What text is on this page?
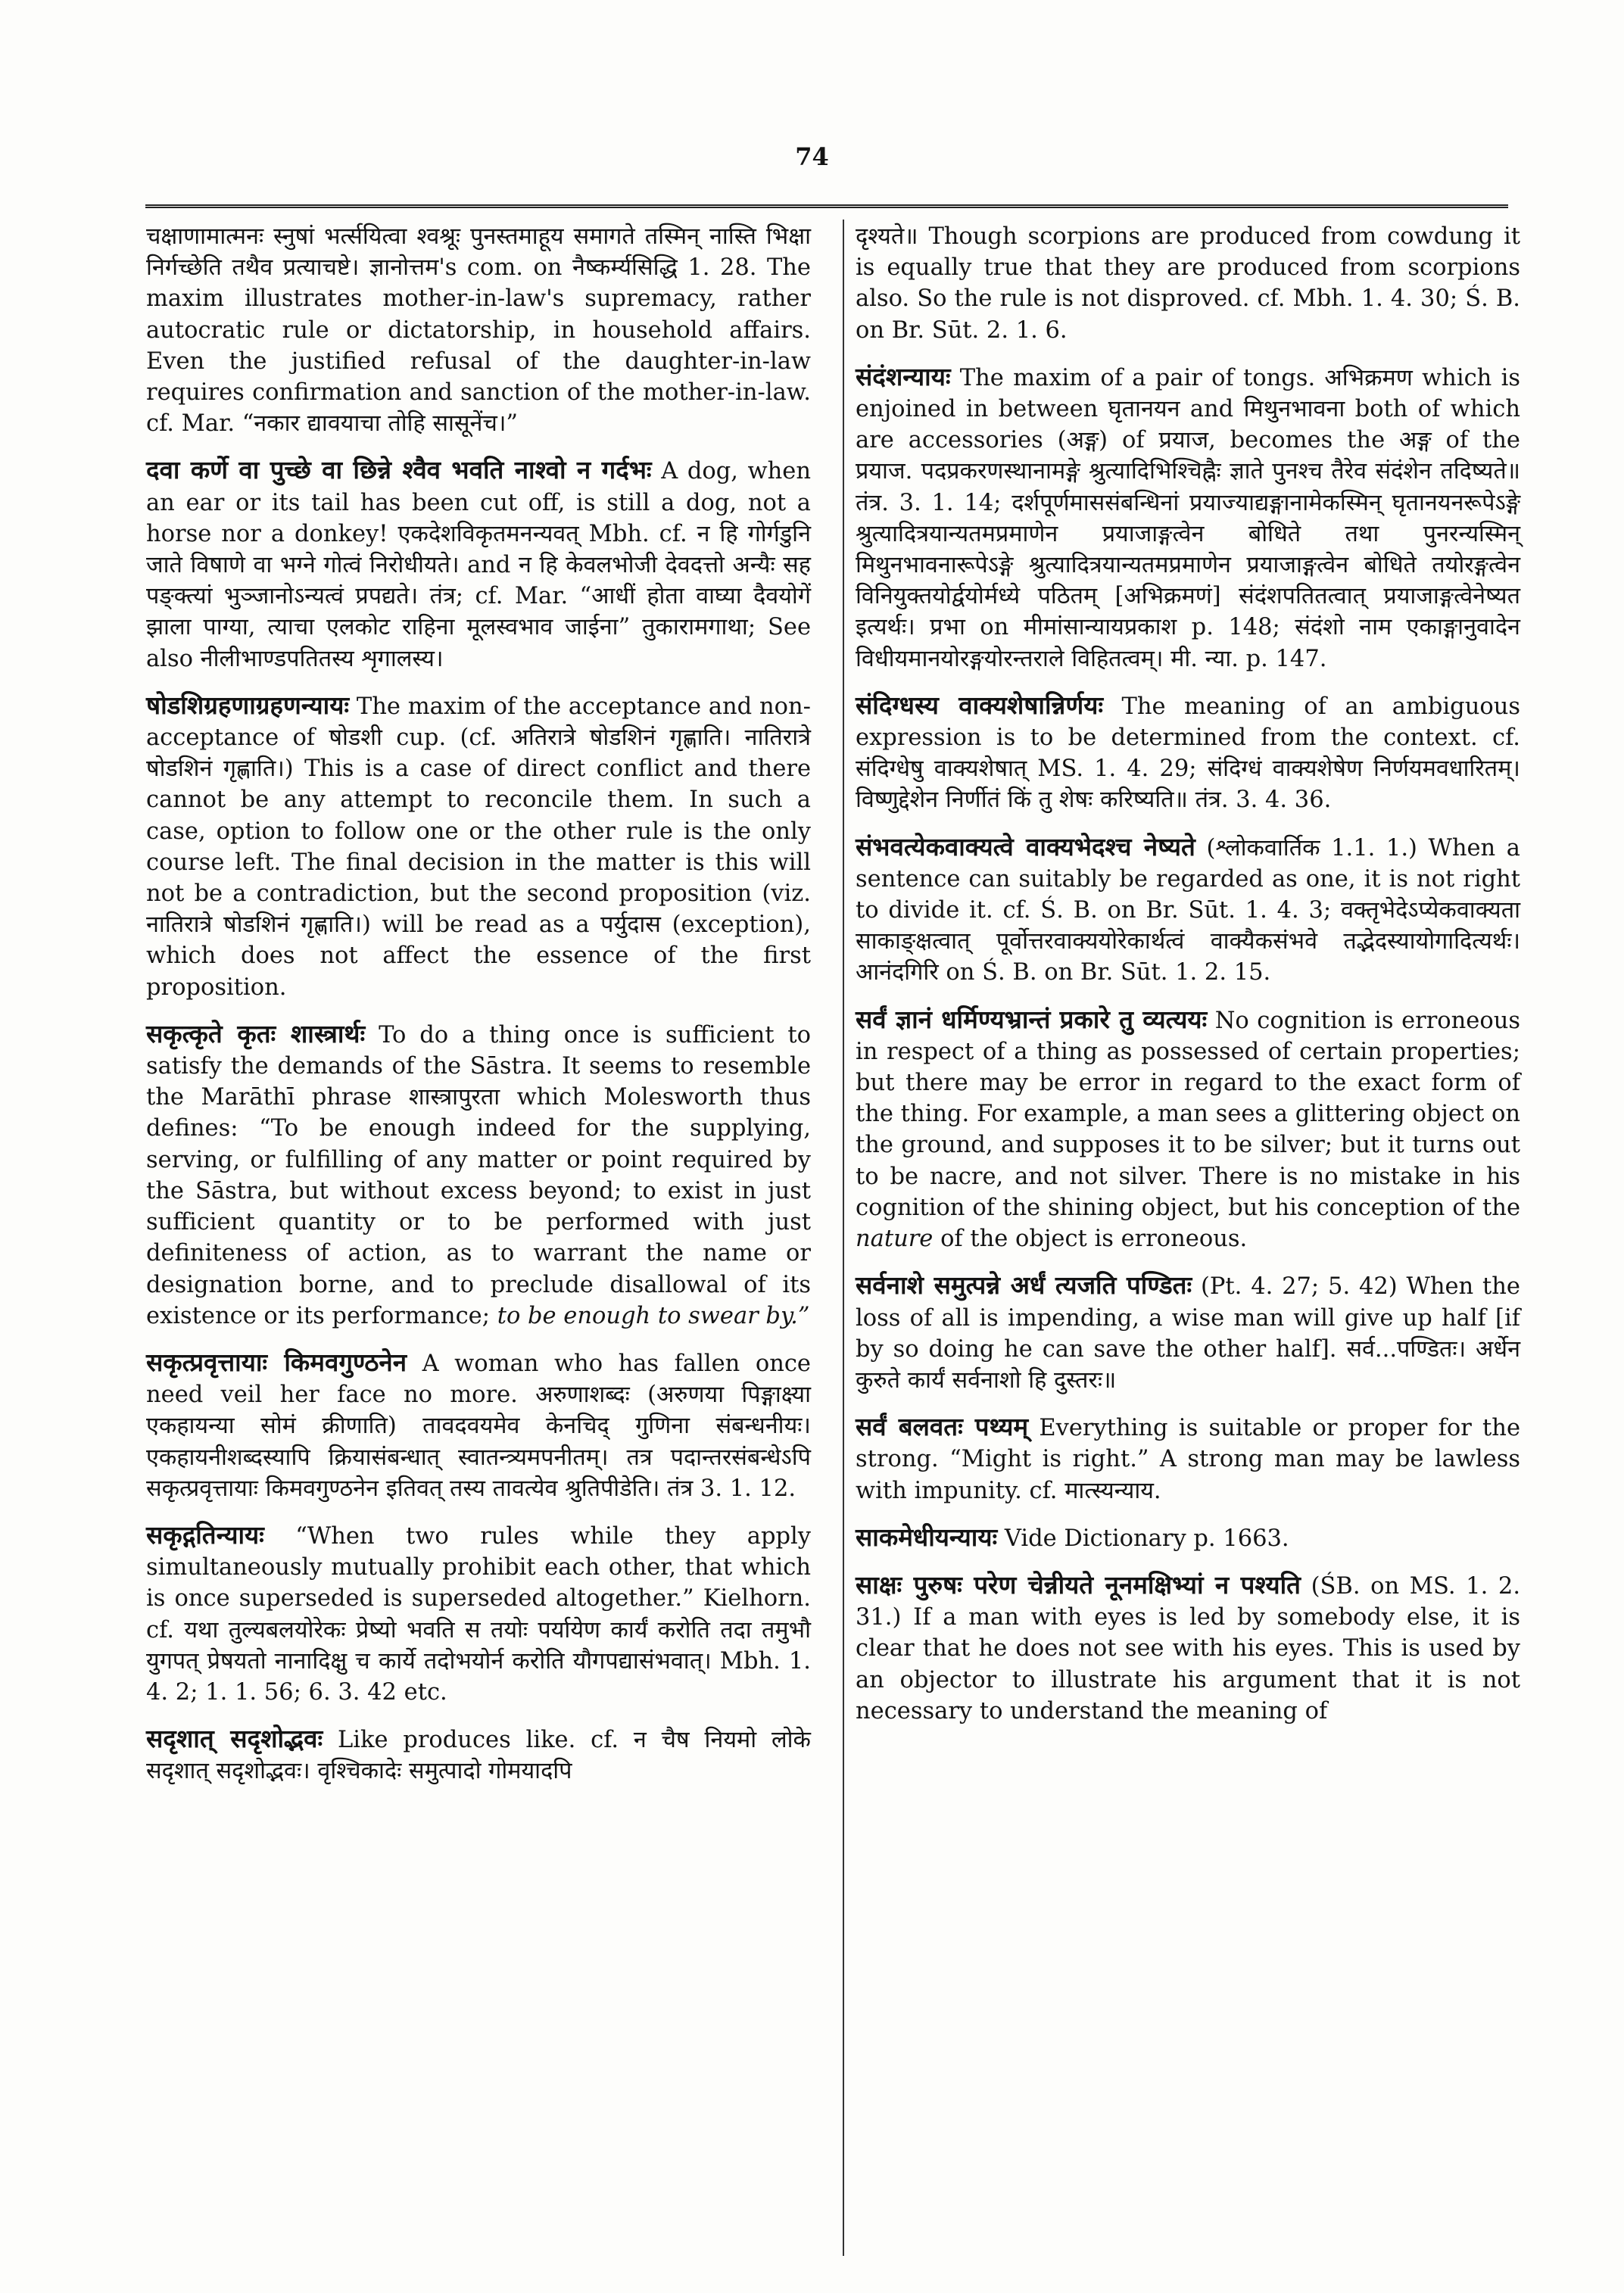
74

चक्षाणामात्मनः स्नुषां भर्त्सयित्वा श्वश्रूः पुनस्तमाहूय समागते तस्मिन् नास्ति भिक्षा निर्गच्छेति तथैव प्रत्याचष्टे। ज्ञानोत्तम's com. on नैष्कर्म्यसिद्धि 1. 28. The maxim illustrates mother-in-law's supremacy, rather autocratic rule or dictatorship, in household affairs. Even the justified refusal of the daughter-in-law requires confirmation and sanction of the mother-in-law. cf. Mar. “नकार द्यावयाचा तोहि सासूनेंच।”

दवा कर्णे वा पुच्छे वा छिन्ने श्वैव भवति नाश्वो न गर्दभः A dog, when an ear or its tail has been cut off, is still a dog, not a horse nor a donkey! एकदेशविकृतमनन्यवत् Mbh. cf. न हि गोर्गडुनि जाते विषाणे वा भग्ने गोत्वं निरोधीयते। and न हि केवलभोजी देवदत्तो अन्यैः सह पङ्क्त्यां भुञ्जानोऽन्यत्वं प्रपद्यते। तंत्र; cf. Mar. “आधीं होता वाघ्या दैवयोगें झाला पाग्या, त्याचा एलकोट राहिना मूलस्वभाव जाईना” तुकारामगाथा; See also नीलीभाण्डपतितस्य शृगालस्य।

षोडशिग्रहणाग्रहणन्यायः The maxim of the acceptance and non-acceptance of षोडशी cup. (cf. अतिरात्रे षोडशिनं गृह्णाति। नातिरात्रे षोडशिनं गृह्णाति।) This is a case of direct conflict and there cannot be any attempt to reconcile them. In such a case, option to follow one or the other rule is the only course left. The final decision in the matter is this will not be a contradiction, but the second proposition (viz. नातिरात्रे षोडशिनं गृह्णाति।) will be read as a पर्युदास (exception), which does not affect the essence of the first proposition.

सकृत्कृते कृतः शास्त्रार्थः To do a thing once is sufficient to satisfy the demands of the Sāstra. It seems to resemble the Marāthī phrase शास्त्रापुरता which Molesworth thus defines: “To be enough indeed for the supplying, serving, or fulfilling of any matter or point required by the Sāstra, but without excess beyond; to exist in just sufficient quantity or to be performed with just definiteness of action, as to warrant the name or designation borne, and to preclude disallowal of its existence or its performance; to be enough to swear by.”

सकृत्प्रवृत्तायाः किमवगुण्ठनेन A woman who has fallen once need veil her face no more. अरुणाशब्दः (अरुणया पिङ्गाक्ष्या एकहायन्या सोमं क्रीणाति) तावदवयमेव केनचिद् गुणिना संबन्धनीयः। एकहायनीशब्दस्यापि क्रियासंबन्धात् स्वातन्त्र्यमपनीतम्। तत्र पदान्तरसंबन्धेऽपि सकृत्प्रवृत्तायाः किमवगुण्ठनेन इतिवत् तस्य तावत्येव श्रुतिपीडेति। तंत्र 3. 1. 12.

सकृद्गतिन्यायः “When two rules while they apply simultaneously mutually prohibit each other, that which is once superseded is superseded altogether.” Kielhorn. cf. यथा तुल्यबलयोरेकः प्रेष्यो भवति स तयोः पर्यायेण कार्यं करोति तदा तमुभौ युगपत् प्रेषयतो नानादिक्षु च कार्ये तदोभयोर्न करोति यौगपद्यासंभवात्। Mbh. 1. 4. 2; 1. 1. 56; 6. 3. 42 etc.

सदृशात् सदृशोद्भवः Like produces like. cf. न चैष नियमो लोके सदृशात् सदृशोद्भवः। वृश्चिकादेः समुत्पादो गोमयादपि

दृश्यते॥ Though scorpions are produced from cowdung it is equally true that they are produced from scorpions also. So the rule is not disproved. cf. Mbh. 1. 4. 30; Ś. B. on Br. Sūt. 2. 1. 6.

संदंशन्यायः The maxim of a pair of tongs. अभिक्रमण which is enjoined in between घृतानयन and मिथुनभावना both of which are accessories (अङ्ग) of प्रयाज, becomes the अङ्ग of the प्रयाज. पदप्रकरणस्थानामङ्गे श्रुत्यादिभिश्चिह्नैः ज्ञाते पुनश्च तैरेव संदंशेन तदिष्यते॥ तंत्र. 3. 1. 14; दर्शपूर्णमाससंबन्धिनां प्रयाज्याद्यङ्गानामेकस्मिन् घृतानयनरूपेऽङ्गे श्रुत्यादित्रयान्यतमप्रमाणेन प्रयाजाङ्गत्वेन बोधिते तथा पुनरन्यस्मिन् मिथुनभावनारूपेऽङ्गे श्रुत्यादित्रयान्यतमप्रमाणेन प्रयाजाङ्गत्वेन बोधिते तयोरङ्गत्वेन विनियुक्तयोर्द्वयोर्मध्ये पठितम् [अभिक्रमणं] संदंशपतितत्वात् प्रयाजाङ्गत्वेनेष्यत इत्यर्थः। प्रभा on मीमांसान्यायप्रकाश p. 148; संदंशो नाम एकाङ्गानुवादेन विधीयमानयोरङ्गयोरन्तराले विहितत्वम्। मी. न्या. p. 147.

संदिग्धस्य वाक्यशेषान्निर्णयः The meaning of an ambiguous expression is to be determined from the context. cf. संदिग्धेषु वाक्यशेषात् MS. 1. 4. 29; संदिग्धं वाक्यशेषेण निर्णयमवधारितम्। विष्णुद्देशेन निर्णीतं किं तु शेषः करिष्यति॥ तंत्र. 3. 4. 36.

संभवत्येकवाक्यत्वे वाक्यभेदश्च नेष्यते (श्लोकवार्तिक 1.1. 1.) When a sentence can suitably be regarded as one, it is not right to divide it. cf. Ś. B. on Br. Sūt. 1. 4. 3; वक्तृभेदेऽप्येकवाक्यता साकाङ्क्षत्वात् पूर्वोत्तरवाक्ययोरेकार्थत्वं वाक्यैकसंभवे तद्भेदस्यायोगादित्यर्थः। आनंदगिरि on Ś. B. on Br. Sūt. 1. 2. 15.

सर्वं ज्ञानं धर्मिण्यभ्रान्तं प्रकारे तु व्यत्ययः No cognition is erroneous in respect of a thing as possessed of certain properties; but there may be error in regard to the exact form of the thing. For example, a man sees a glittering object on the ground, and supposes it to be silver; but it turns out to be nacre, and not silver. There is no mistake in his cognition of the shining object, but his conception of the nature of the object is erroneous.

सर्वनाशे समुत्पन्ने अर्धं त्यजति पण्डितः (Pt. 4. 27; 5. 42) When the loss of all is impending, a wise man will give up half [if by so doing he can save the other half]. सर्व...पण्डितः। अर्धेन कुरुते कार्यं सर्वनाशो हि दुस्तरः॥

सर्वं बलवतः पथ्यम् Everything is suitable or proper for the strong. “Might is right.” A strong man may be lawless with impunity. cf. मात्स्यन्याय.

साकमेधीयन्यायः Vide Dictionary p. 1663.

साक्षः पुरुषः परेण चेन्नीयते नूनमक्षिभ्यां न पश्यति (ŚB. on MS. 1. 2. 31.) If a man with eyes is led by somebody else, it is clear that he does not see with his eyes. This is used by an objector to illustrate his argument that it is not necessary to understand the meaning of
